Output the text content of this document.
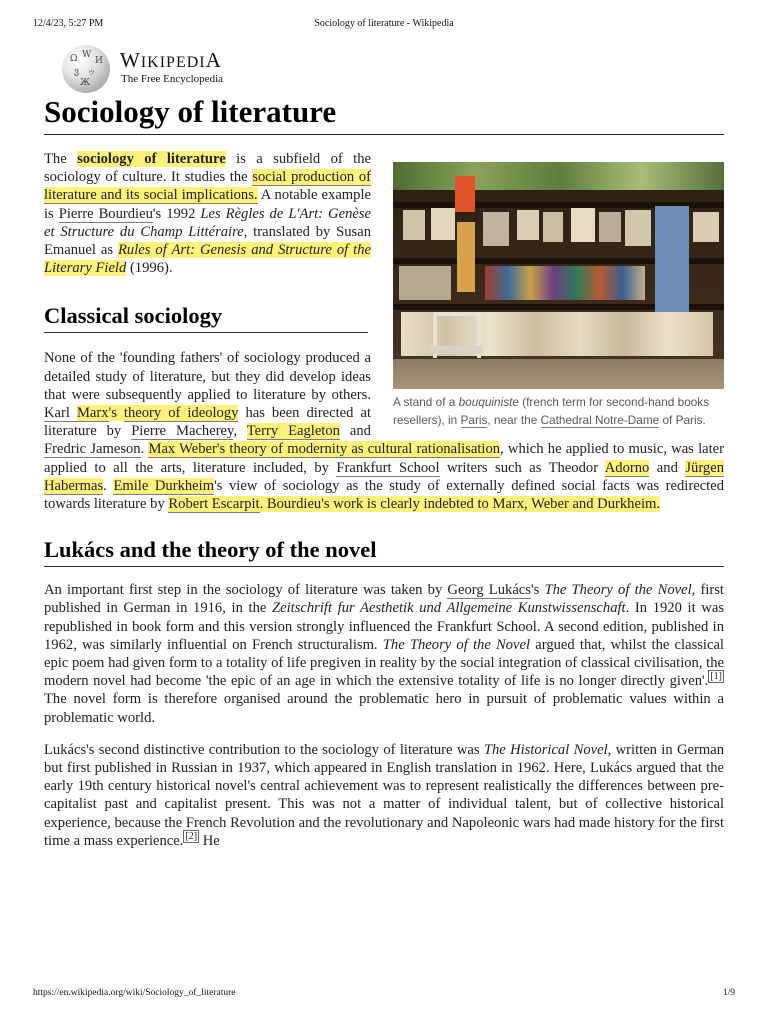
12/4/23, 5:27 PM	Sociology of literature - Wikipedia
Ω W
И
ვ ゥ
Ж
WIKIPEDIA
The Free Encyclopedia
Sociology of literature
A stand of a bouquiniste (french term for second-hand books resellers), in Paris, near the Cathedral Notre-Dame of Paris.

The sociology of literature is a subfield of the sociology of culture. It studies the social production of literature and its social implications. A notable example is Pierre Bourdieu's 1992 Les Règles de L'Art: Genèse et Structure du Champ Littéraire, translated by Susan Emanuel as Rules of Art: Genesis and Structure of the Literary Field (1996).

Classical sociology

None of the 'founding fathers' of sociology produced a detailed study of literature, but they did develop ideas that were subsequently applied to literature by others. Karl Marx's theory of ideology has been directed at literature by Pierre Macherey, Terry Eagleton and Fredric Jameson. Max Weber's theory of modernity as cultural rationalisation, which he applied to music, was later applied to all the arts, literature included, by Frankfurt School writers such as Theodor Adorno and Jürgen Habermas. Emile Durkheim's view of sociology as the study of externally defined social facts was redirected towards literature by Robert Escarpit. Bourdieu's work is clearly indebted to Marx, Weber and Durkheim.

Lukács and the theory of the novel

An important first step in the sociology of literature was taken by Georg Lukács's The Theory of the Novel, first published in German in 1916, in the Zeitschrift fur Aesthetik und Allgemeine Kunstwissenschaft. In 1920 it was republished in book form and this version strongly influenced the Frankfurt School. A second edition, published in 1962, was similarly influential on French structuralism. The Theory of the Novel argued that, whilst the classical epic poem had given form to a totality of life pregiven in reality by the social integration of classical civilisation, the modern novel had become 'the epic of an age in which the extensive totality of life is no longer directly given'. [1] The novel form is therefore organised around the problematic hero in pursuit of problematic values within a problematic world.

Lukács's second distinctive contribution to the sociology of literature was The Historical Novel, written in German but first published in Russian in 1937, which appeared in English translation in 1962. Here, Lukács argued that the early 19th century historical novel's central achievement was to represent realistically the differences between pre-capitalist past and capitalist present. This was not a matter of individual talent, but of collective historical experience, because the French Revolution and the revolutionary and Napoleonic wars had made history for the first time a mass experience. [2] He

https://en.wikipedia.org/wiki/Sociology_of_literature	1/9
